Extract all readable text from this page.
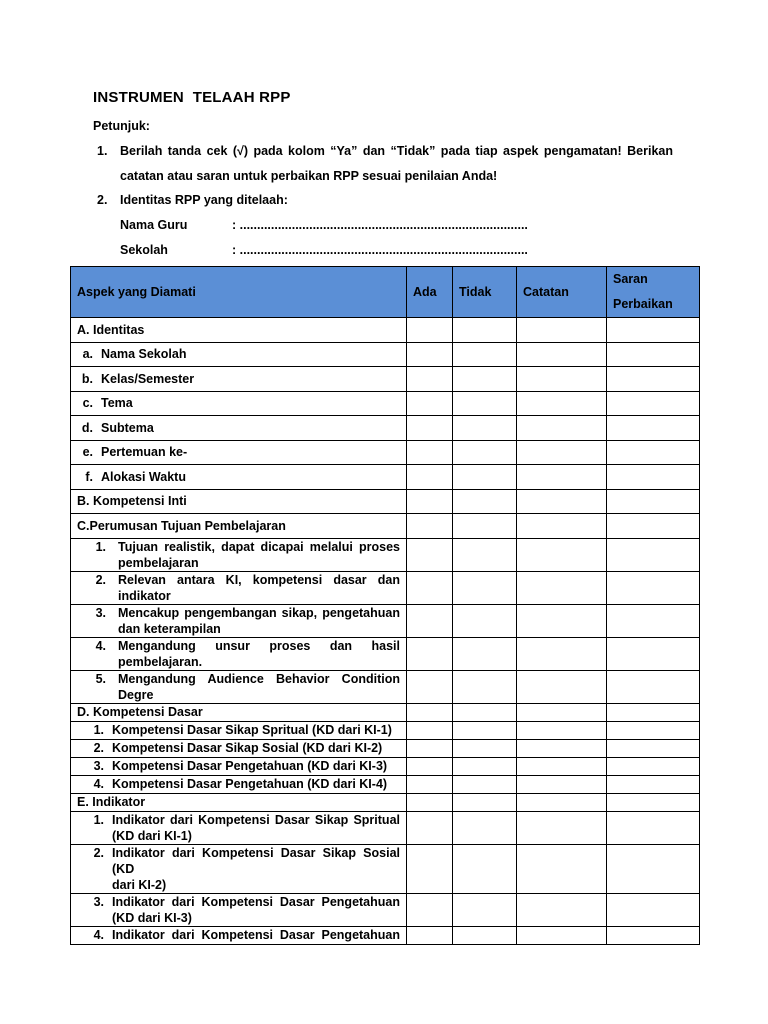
INSTRUMEN  TELAAH RPP
Petunjuk:
1. Berilah tanda cek (√) pada kolom “Ya” dan “Tidak” pada tiap aspek pengamatan! Berikan
catatan atau saran untuk perbaikan RPP sesuai penilaian Anda!
2. Identitas RPP yang ditelaah:
Nama Guru	: ...................................................................................
Sekolah	: ...................................................................................
Aspek yang Diamati	Ada	Tidak	Catatan	Saran
Perbaikan
A. Identitas				

a. Nama Sekolah				

b. Kelas/Semester				

c. Tema				

d. Subtema				

e. Pertemuan ke-				

f. Alokasi Waktu				

B. Kompetensi Inti				
C.Perumusan Tujuan Pembelajaran				

1. Tujuan realistik, dapat dicapai melalui proses
pembelajaran				

2. Relevan antara KI, kompetensi dasar dan
indikator				

3. Mencakup pengembangan sikap, pengetahuan
dan keterampilan				

4. Mengandung unsur proses dan hasil
pembelajaran.				

5. Mengandung Audience Behavior Condition
Degre				

D. Kompetensi Dasar				

1. Kompetensi Dasar Sikap Spritual (KD dari KI-1)				

2. Kompetensi Dasar Sikap Sosial (KD dari KI-2)				

3. Kompetensi Dasar Pengetahuan (KD dari KI-3)				

4. Kompetensi Dasar Pengetahuan (KD dari KI-4)				

E. Indikator				

1. Indikator dari Kompetensi Dasar Sikap Spritual
(KD dari KI-1)				

2. Indikator dari Kompetensi Dasar Sikap Sosial (KD
dari KI-2)				

3. Indikator dari Kompetensi Dasar Pengetahuan
(KD dari KI-3)				

4. Indikator dari Kompetensi Dasar Pengetahuan				
